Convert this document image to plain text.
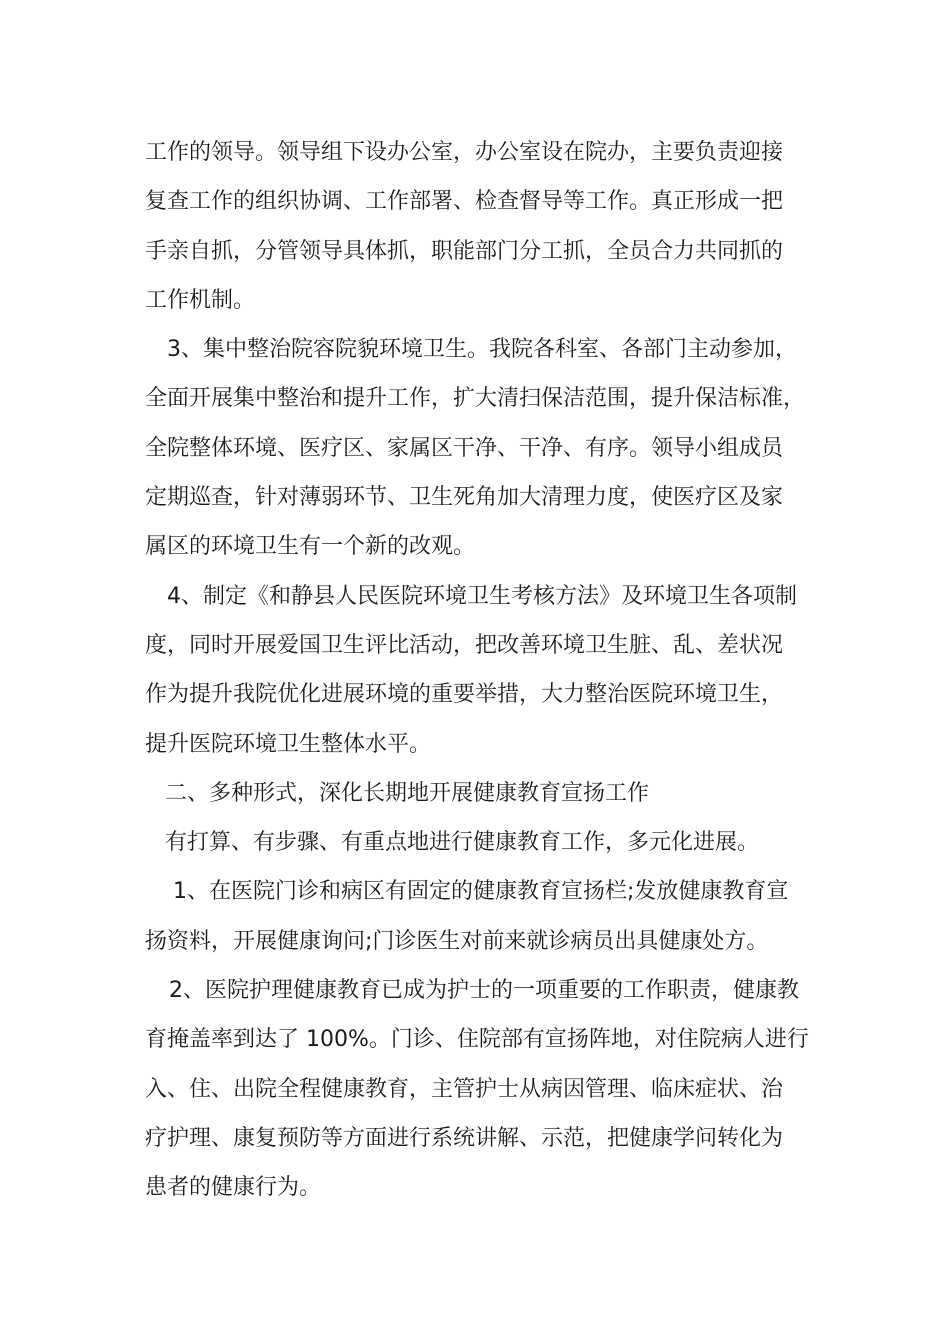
工作的领导。领导组下设办公室，办公室设在院办，主要负责迎接
复查工作的组织协调、工作部署、检查督导等工作。真正形成一把
手亲自抓，分管领导具体抓，职能部门分工抓，全员合力共同抓的
工作机制。
3、集中整治院容院貌环境卫生。我院各科室、各部门主动参加，
全面开展集中整治和提升工作，扩大清扫保洁范围，提升保洁标准，
全院整体环境、医疗区、家属区干净、干净、有序。领导小组成员
定期巡查，针对薄弱环节、卫生死角加大清理力度，使医疗区及家
属区的环境卫生有一个新的改观。
4、制定《和静县人民医院环境卫生考核方法》及环境卫生各项制
度，同时开展爱国卫生评比活动，把改善环境卫生脏、乱、差状况
作为提升我院优化进展环境的重要举措，大力整治医院环境卫生，
提升医院环境卫生整体水平。
二、多种形式，深化长期地开展健康教育宣扬工作
有打算、有步骤、有重点地进行健康教育工作，多元化进展。
1、在医院门诊和病区有固定的健康教育宣扬栏;发放健康教育宣
扬资料，开展健康询问;门诊医生对前来就诊病员出具健康处方。
2、医院护理健康教育已成为护士的一项重要的工作职责，健康教
育掩盖率到达了 100%。门诊、住院部有宣扬阵地，对住院病人进行
入、住、出院全程健康教育，主管护士从病因管理、临床症状、治
疗护理、康复预防等方面进行系统讲解、示范，把健康学问转化为
患者的健康行为。
